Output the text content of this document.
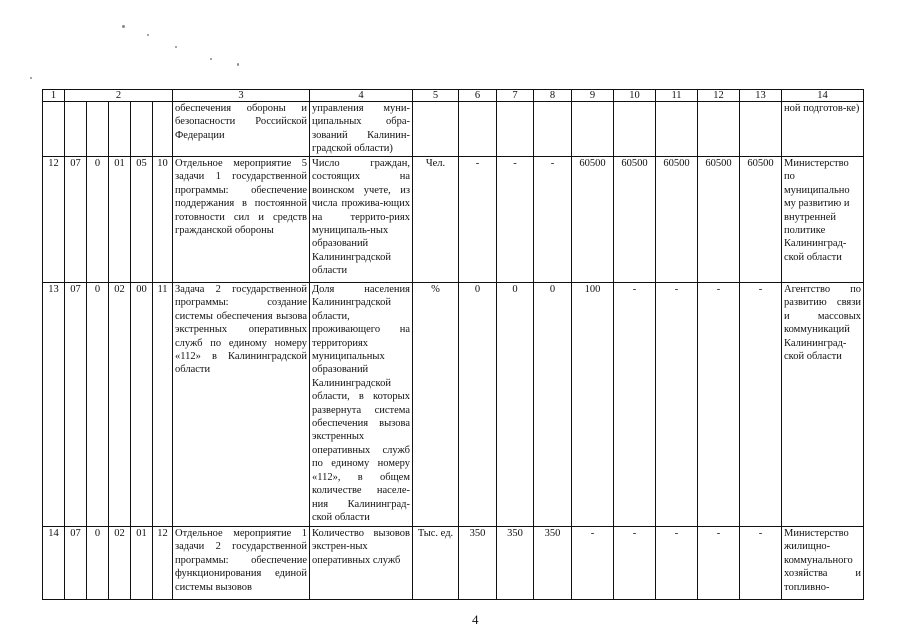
1	2					3	4	5	6	7	8	9	10	11	12	13	14
						обеспечения обороны и безопасности Российской Федерации	управления муни-ципальных обра-зований Калинин-градской области)										ной подготов-ке)
12	07	0	01	05	10	Отдельное мероприятие 5 задачи 1 государственной программы: обеспечение поддержания в постоянной готовности сил и средств гражданской обороны	Число граждан, состоящих на воинском учете, из числа прожива-ющих на террито-риях муниципаль-ных образований Калининградской области	Чел.	-	-	-	60500	60500	60500	60500	60500	Министерство по муниципально му развитию и внутренней политике Калининград-ской области
13	07	0	02	00	11	Задача 2 государственной программы: создание системы обеспечения вызова экстренных оперативных служб по единому номеру «112» в Калининградской области	Доля населения Калининградской области, проживающего на территориях муниципальных образований Калининградской области, в которых развернута система обеспечения вызова экстренных оперативных служб по единому номеру «112», в общем количестве населе-ния Калининград-ской области	%	0	0	0	100	-	-	-	-	Агентство по развитию связи и массовых коммуникаций Калининград-ской области
14	07	0	02	01	12	Отдельное мероприятие 1 задачи 2 государственной программы: обеспечение функционирования единой системы вызовов	Количество вызовов экстрен-ных оперативных служб	Тыс. ед.	350	350	350	-	-	-	-	-	Министерство жилищно-коммунального хозяйства и топливно-
4
